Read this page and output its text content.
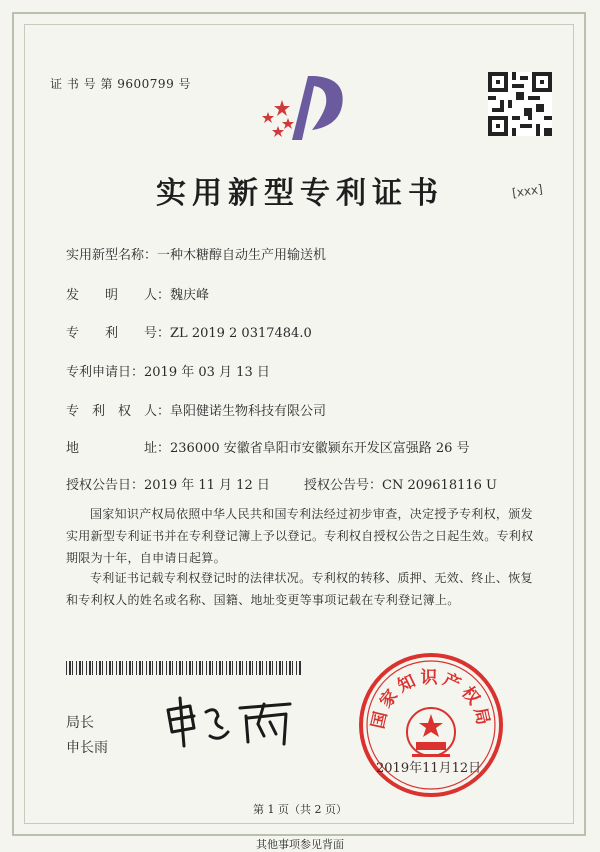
证 书 号 第 9600799 号
实用新型专利证书	[xxx]
实用新型名称：一种木糖醇自动生产用输送机
发　　明　　人：魏庆峰
专　　利　　号：ZL 2019 2 0317484.0
专利申请日：2019 年 03 月 13 日
专　利　权　人：阜阳健诺生物科技有限公司
地　　　　　址：236000 安徽省阜阳市安徽颍东开发区富强路 26 号
授权公告日：2019 年 11 月 12 日	授权公告号：CN 209618116 U
国家知识产权局依照中华人民共和国专利法经过初步审查，决定授予专利权，颁发实用新型专利证书并在专利登记簿上予以登记。专利权自授权公告之日起生效。专利权期限为十年，自申请日起算。
专利证书记载专利权登记时的法律状况。专利权的转移、质押、无效、终止、恢复和专利权人的姓名或名称、国籍、地址变更等事项记载在专利登记簿上。
局长
申长雨
国家知识产权局
2019年11月12日
第 1 页（共 2 页）
其他事项参见背面
